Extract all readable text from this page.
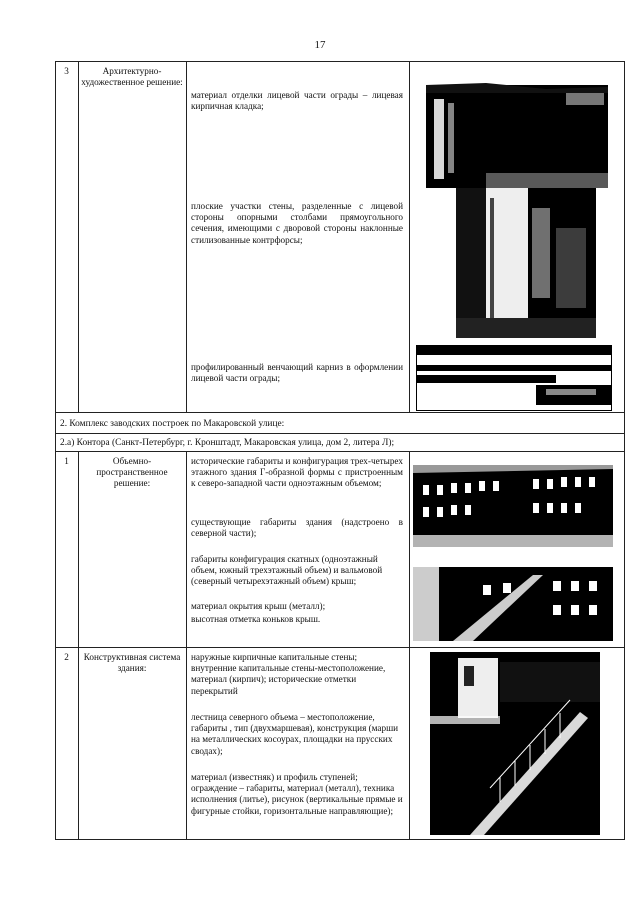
17
3	Архитектурно-художественное решение:
материал отделки лицевой части ограды – лицевая кирпичная кладка;
плоские участки стены, разделенные с лицевой стороны опорными столбами прямоугольного сечения, имеющими с дворовой стороны наклонные стилизованные контрфорсы;
профилированный венчающий карниз в оформлении лицевой части ограды;
2. Комплекс заводских построек по Макаровской улице:
2.а) Контора (Санкт-Петербург, г. Кронштадт, Макаровская улица, дом 2, литера Л);
1	Объемно-пространственное решение:
исторические габариты и конфигурация трех-четырех этажного здания Г-образной формы с пристроенным к северо-западной части одноэтажным объемом;
существующие габариты здания (надстроено в северной части);
габариты конфигурация скатных (одноэтажный объем, южный трехэтажный объем) и вальмовой (северный четырехэтажный объем) крыш;
материал окрытия крыш (металл);
высотная отметка коньков крыш.
2	Конструктивная система здания:
наружные кирпичные капитальные стены; внутренние капитальные стены-местоположение, материал (кирпич); исторические отметки перекрытий
лестница северного объема – местоположение, габариты , тип (двухмаршевая), конструкция (марши на металлических косоурах, площадки на прусских сводах);
материал (известняк) и профиль ступеней; ограждение – габариты, материал (металл), техника исполнения (литье), рисунок (вертикальные прямые и фигурные стойки, горизонтальные направляющие);
